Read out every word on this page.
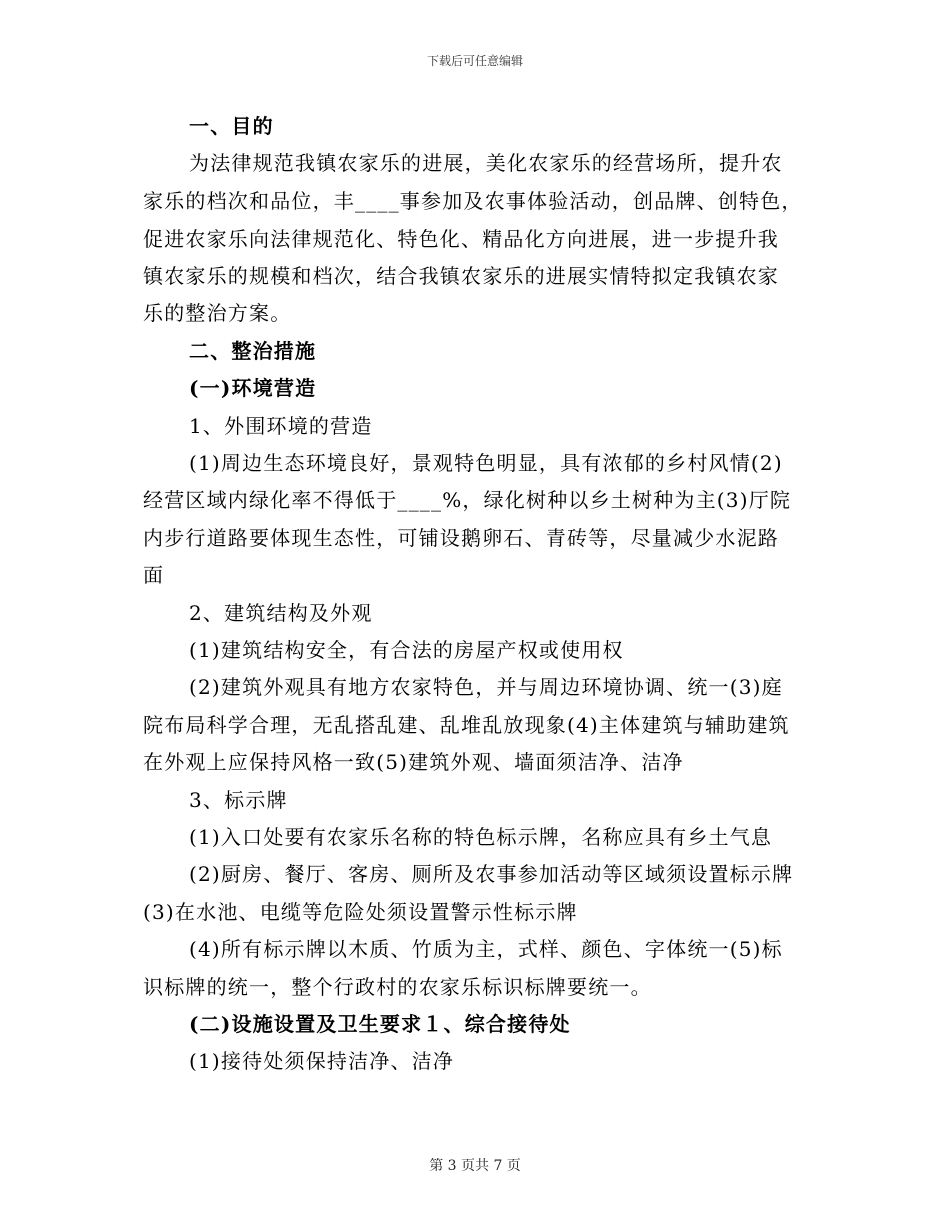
下载后可任意编辑
一、目的
为法律规范我镇农家乐的进展，美化农家乐的经营场所，提升农
家乐的档次和品位，丰____事参加及农事体验活动，创品牌、创特色，
促进农家乐向法律规范化、特色化、精品化方向进展，进一步提升我
镇农家乐的规模和档次，结合我镇农家乐的进展实情特拟定我镇农家
乐的整治方案。
二、整治措施
(一)环境营造
1、外围环境的营造
(1)周边生态环境良好，景观特色明显，具有浓郁的乡村风情(2)
经营区域内绿化率不得低于____%，绿化树种以乡土树种为主(3)厅院
内步行道路要体现生态性，可铺设鹅卵石、青砖等，尽量减少水泥路
面
2、建筑结构及外观
(1)建筑结构安全，有合法的房屋产权或使用权
(2)建筑外观具有地方农家特色，并与周边环境协调、统一(3)庭
院布局科学合理，无乱搭乱建、乱堆乱放现象(4)主体建筑与辅助建筑
在外观上应保持风格一致(5)建筑外观、墙面须洁净、洁净
3、标示牌
(1)入口处要有农家乐名称的特色标示牌，名称应具有乡土气息
(2)厨房、餐厅、客房、厕所及农事参加活动等区域须设置标示牌
(3)在水池、电缆等危险处须设置警示性标示牌
(4)所有标示牌以木质、竹质为主，式样、颜色、字体统一(5)标
识标牌的统一，整个行政村的农家乐标识标牌要统一。
(二)设施设置及卫生要求１、综合接待处
(1)接待处须保持洁净、洁净
第 3 页共 7 页
